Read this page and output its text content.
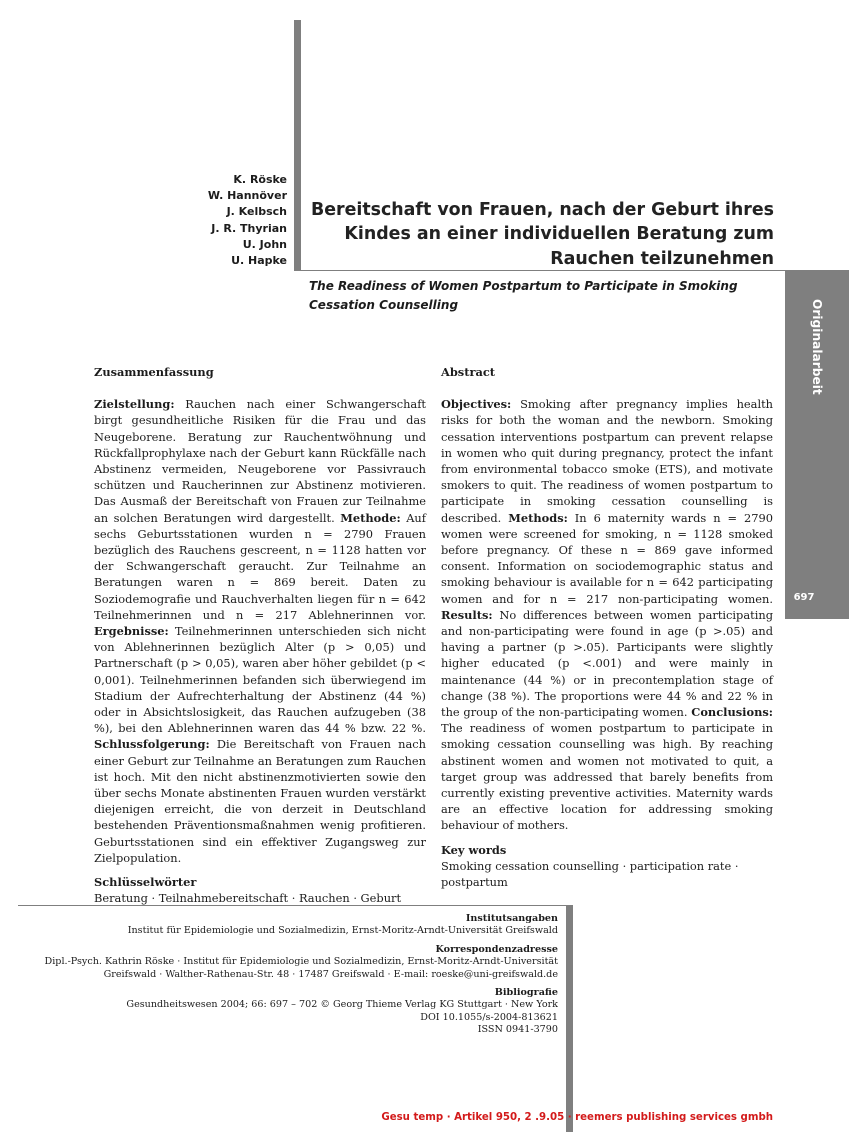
K. Röske
W. Hannöver
J. Kelbsch
J. R. Thyrian
U. John
U. Hapke
Bereitschaft von Frauen, nach der Geburt ihres Kindes an einer individuellen Beratung zum Rauchen teilzunehmen
The Readiness of Women Postpartum to Participate in Smoking Cessation Counselling	Originalarbeit
697
Zusammenfassung

Zielstellung: Rauchen nach einer Schwangerschaft birgt gesundheitliche Risiken für die Frau und das Neugeborene. Beratung zur Rauchentwöhnung und Rückfallprophylaxe nach der Geburt kann Rückfälle nach Abstinenz vermeiden, Neugeborene vor Passivrauch schützen und Raucherinnen zur Abstinenz motivieren. Das Ausmaß der Bereitschaft von Frauen zur Teilnahme an solchen Beratungen wird dargestellt. Methode: Auf sechs Geburtsstationen wurden n = 2790 Frauen bezüglich des Rauchens gescreent, n = 1128 hatten vor der Schwangerschaft geraucht. Zur Teilnahme an Beratungen waren n = 869 bereit. Daten zu Soziodemografie und Rauchverhalten liegen für n = 642 Teilnehmerinnen und n = 217 Ablehnerinnen vor. Ergebnisse: Teilnehmerinnen unterschieden sich nicht von Ablehnerinnen bezüglich Alter (p > 0,05) und Partnerschaft (p > 0,05), waren aber höher gebildet (p < 0,001). Teilnehmerinnen befanden sich überwiegend im Stadium der Aufrechterhaltung der Abstinenz (44 %) oder in Absichtslosigkeit, das Rauchen aufzugeben (38 %), bei den Ablehnerinnen waren das 44 % bzw. 22 %. Schlussfolgerung: Die Bereitschaft von Frauen nach einer Geburt zur Teilnahme an Beratungen zum Rauchen ist hoch. Mit den nicht abstinenzmotivierten sowie den über sechs Monate abstinenten Frauen wurden verstärkt diejenigen erreicht, die von derzeit in Deutschland bestehenden Präventionsmaßnahmen wenig profitieren. Geburtsstationen sind ein effektiver Zugangsweg zur Zielpopulation.

Schlüsselwörter
Beratung · Teilnahmebereitschaft · Rauchen · Geburt
Abstract

Objectives: Smoking after pregnancy implies health risks for both the woman and the newborn. Smoking cessation interventions postpartum can prevent relapse in women who quit during pregnancy, protect the infant from environmental tobacco smoke (ETS), and motivate smokers to quit. The readiness of women postpartum to participate in smoking cessation counselling is described. Methods: In 6 maternity wards n = 2790 women were screened for smoking, n = 1128 smoked before pregnancy. Of these n = 869 gave informed consent. Information on sociodemographic status and smoking behaviour is available for n = 642 participating women and for n = 217 non-participating women. Results: No differences between women participating and non-participating were found in age (p >.05) and having a partner (p >.05). Participants were slightly higher educated (p <.001) and were mainly in maintenance (44 %) or in precontemplation stage of change (38 %). The proportions were 44 % and 22 % in the group of the non-participating women. Conclusions: The readiness of women postpartum to participate in smoking cessation counselling was high. By reaching abstinent women and women not motivated to quit, a target group was addressed that barely benefits from currently existing preventive activities. Maternity wards are an effective location for addressing smoking behaviour of mothers.

Key words
Smoking cessation counselling · participation rate · postpartum
Institutsangaben
Institut für Epidemiologie und Sozialmedizin, Ernst-Moritz-Arndt-Universität Greifswald
Korrespondenzadresse
Dipl.-Psych. Kathrin Röske · Institut für Epidemiologie und Sozialmedizin, Ernst-Moritz-Arndt-Universität
Greifswald · Walther-Rathenau-Str. 48 · 17487 Greifswald · E-mail: roeske@uni-greifswald.de
Bibliografie
Gesundheitswesen 2004; 66: 697 – 702 © Georg Thieme Verlag KG Stuttgart · New York
DOI 10.1055/s-2004-813621
ISSN 0941-3790
Gesu temp · Artikel 950, 2 .9.05 · reemers publishing services gmbh
